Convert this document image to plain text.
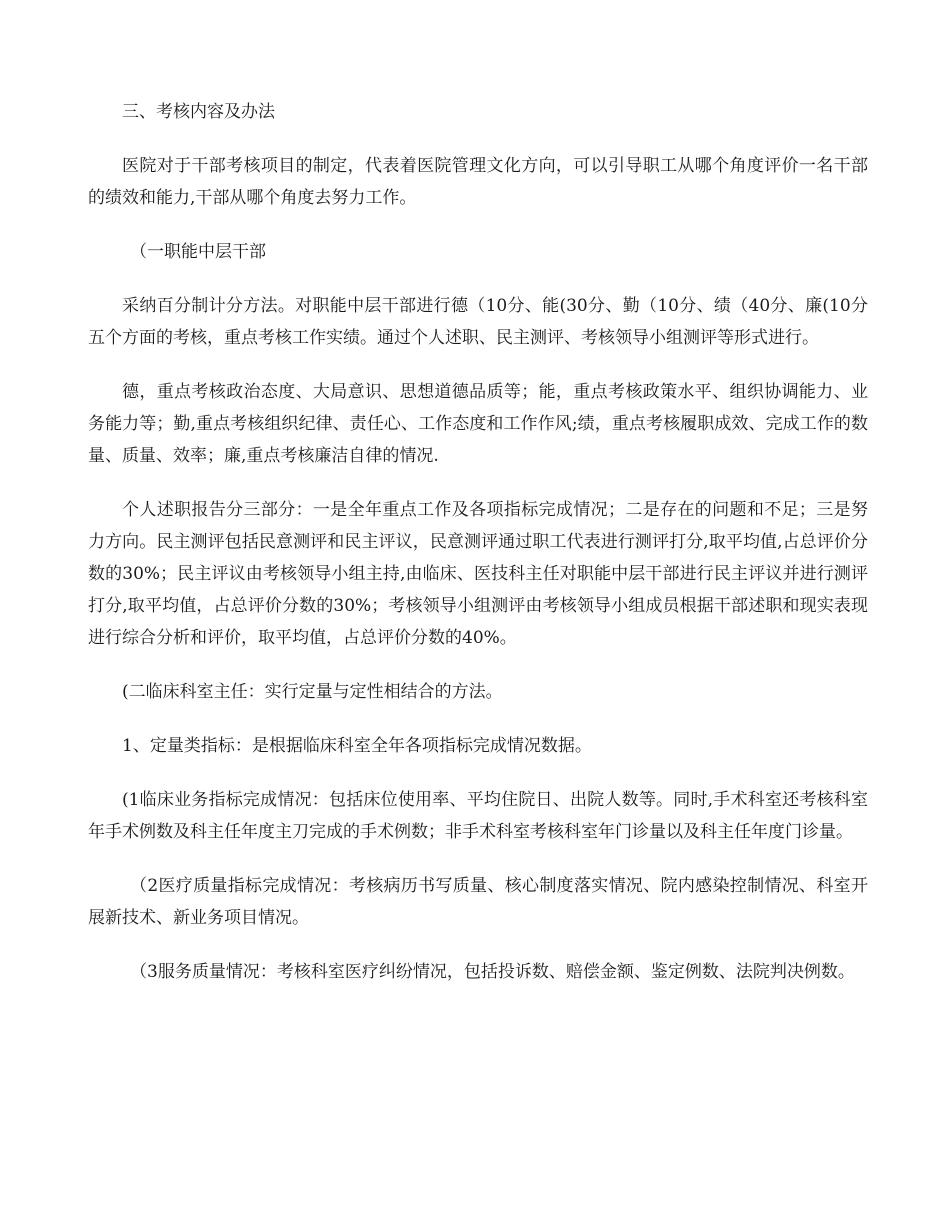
三、考核内容及办法

医院对于干部考核项目的制定，代表着医院管理文化方向，可以引导职工从哪个角度评价一名干部的绩效和能力,干部从哪个角度去努力工作。

（一职能中层干部

采纳百分制计分方法。对职能中层干部进行德（10分、能(30分、勤（10分、绩（40分、廉(10分五个方面的考核，重点考核工作实绩。通过个人述职、民主测评、考核领导小组测评等形式进行。

德，重点考核政治态度、大局意识、思想道德品质等；能，重点考核政策水平、组织协调能力、业务能力等；勤,重点考核组织纪律、责任心、工作态度和工作作风;绩，重点考核履职成效、完成工作的数量、质量、效率；廉,重点考核廉洁自律的情况.

个人述职报告分三部分：一是全年重点工作及各项指标完成情况；二是存在的问题和不足；三是努力方向。民主测评包括民意测评和民主评议，民意测评通过职工代表进行测评打分,取平均值,占总评价分数的30%；民主评议由考核领导小组主持,由临床、医技科主任对职能中层干部进行民主评议并进行测评打分,取平均值，占总评价分数的30%；考核领导小组测评由考核领导小组成员根据干部述职和现实表现进行综合分析和评价，取平均值，占总评价分数的40%。

(二临床科室主任：实行定量与定性相结合的方法。

1、定量类指标：是根据临床科室全年各项指标完成情况数据。

(1临床业务指标完成情况：包括床位使用率、平均住院日、出院人数等。同时,手术科室还考核科室年手术例数及科主任年度主刀完成的手术例数；非手术科室考核科室年门诊量以及科主任年度门诊量。

（2医疗质量指标完成情况：考核病历书写质量、核心制度落实情况、院内感染控制情况、科室开展新技术、新业务项目情况。

（3服务质量情况：考核科室医疗纠纷情况，包括投诉数、赔偿金额、鉴定例数、法院判决例数。
